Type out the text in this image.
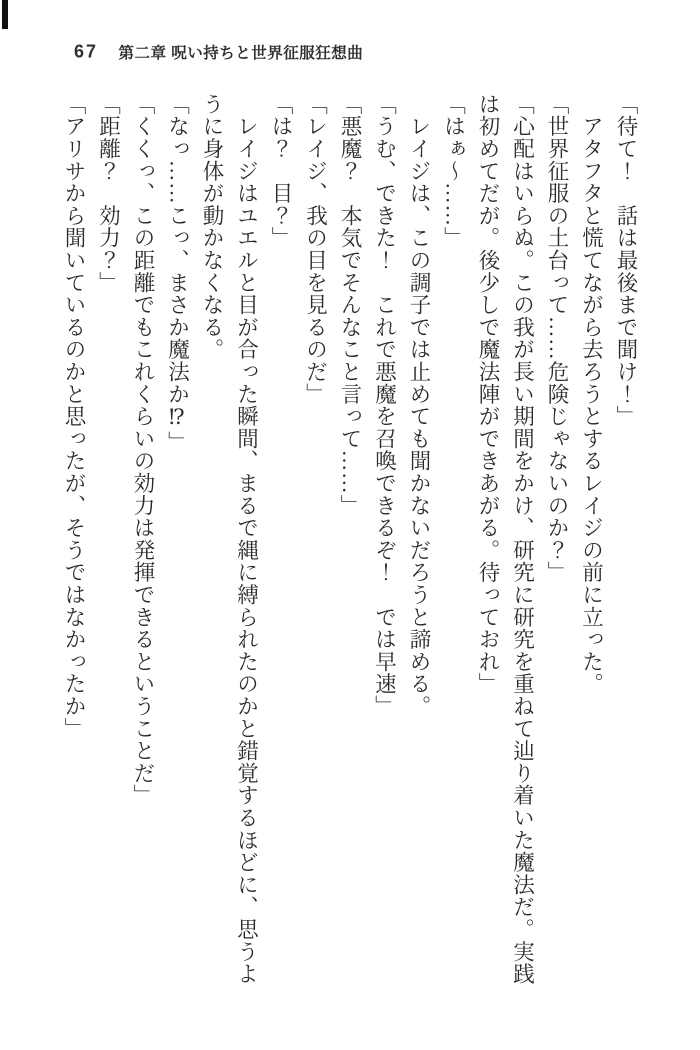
67 第二章 呪い持ちと世界征服狂想曲
「待て！　話は最後まで聞け！」
　アタフタと慌てながら去ろうとするレイジの前に立った。
「世界征服の土台って……危険じゃないのか？」
「心配はいらぬ。この我が長い期間をかけ、研究に研究を重ねて辿り着いた魔法だ。実践
は初めてだが。後少しで魔法陣ができあがる。待っておれ」
「はぁ～……」
　レイジは、この調子では止めても聞かないだろうと諦める。
「うむ、できた！　これで悪魔を召喚できるぞ！　では早速」
「悪魔？　本気でそんなこと言って……」
「レイジ、我の目を見るのだ」
「は？　目？」
　レイジはユエルと目が合った瞬間、まるで縄に縛られたのかと錯覚するほどに、思うよ
うに身体が動かなくなる。
「なっ……こっ、まさか魔法か⁉」
「くくっ、この距離でもこれくらいの効力は発揮できるということだ」
「距離？　効力？」
「アリサから聞いているのかと思ったが、そうではなかったか」
